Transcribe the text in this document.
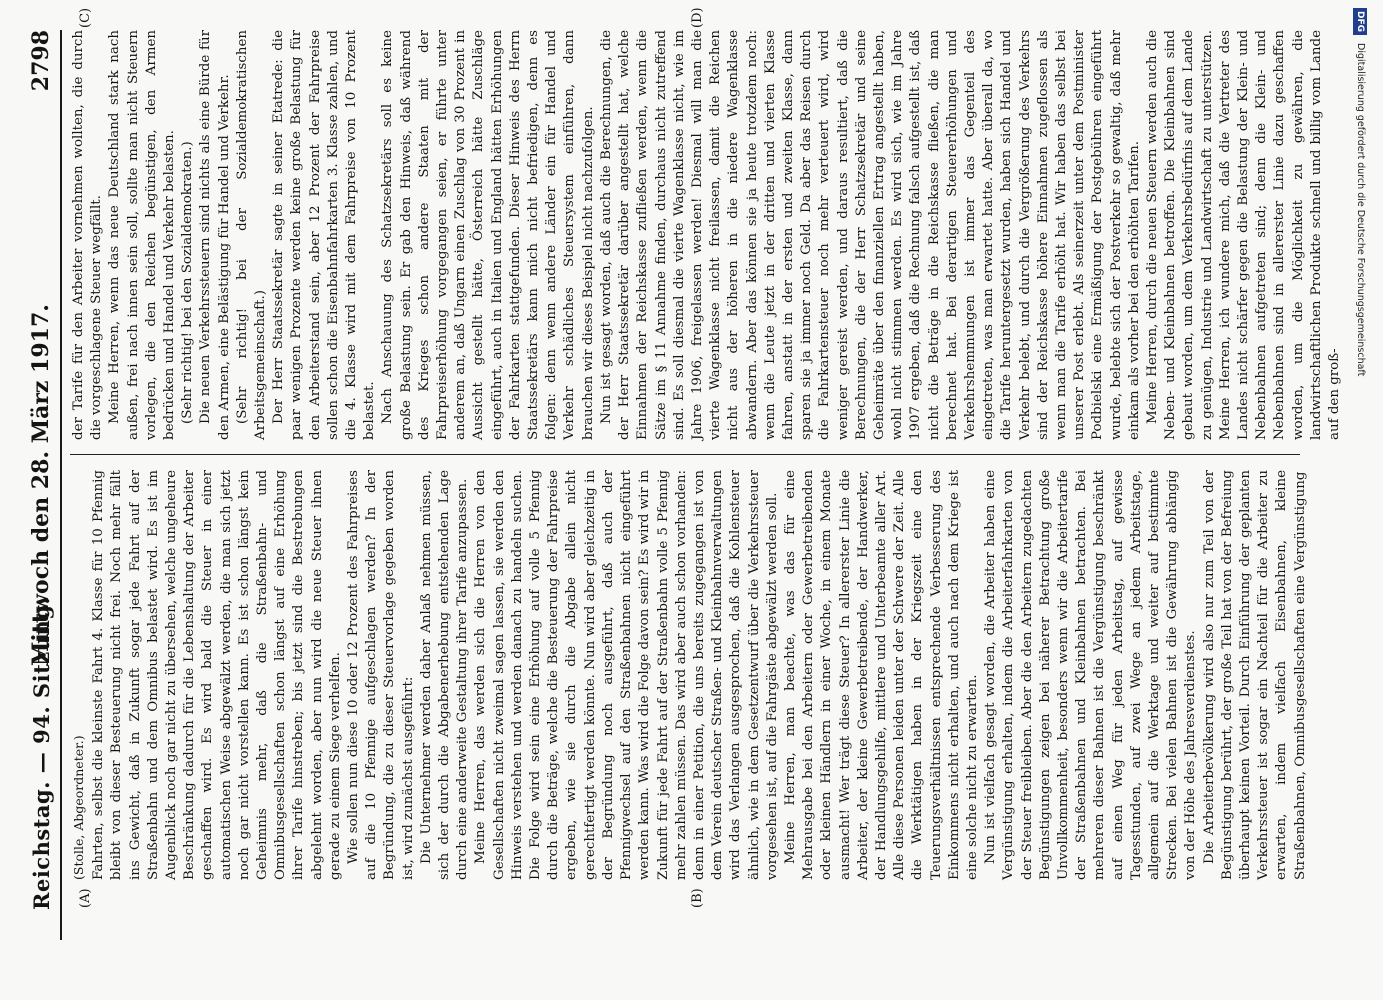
Reichstag. — 94. Sitzung.
Mittwoch den 28. März 1917.
2798
(A)	(B)
(C)	(D)
(Stolle, Abgeordneter.) Fahrten, selbst die kleinste Fahrt 4. Klasse für 10 Pfennig bleibt von dieser Besteuerung nicht frei. Noch mehr fällt ins Gewicht, daß in Zukunft sogar jede Fahrt auf der Straßenbahn und dem Omnibus belastet wird. Es ist im Augenblick noch gar nicht zu übersehen, welche ungeheure Beschränkung dadurch für die Lebenshaltung der Arbeiter geschaffen wird. Es wird bald die Steuer in einer automatischen Weise abgewälzt werden, die man sich jetzt noch gar nicht vorstellen kann. Es ist schon längst kein Geheimnis mehr, daß die Straßenbahn- und Omnibusgesellschaften schon längst auf eine Erhöhung ihrer Tarife hinstreben; bis jetzt sind die Bestrebungen abgelehnt worden, aber nun wird die neue Steuer ihnen gerade zu einem Siege verhelfen. Wie sollen nun diese 10 oder 12 Prozent des Fahrpreises auf die 10 Pfennige aufgeschlagen werden? In der Begründung, die zu dieser Steuervorlage gegeben worden ist, wird zunächst ausgeführt: Die Unternehmer werden daher Anlaß nehmen müssen, sich der durch die Abgabenerhebung entstehenden Lage durch eine anderweite Gestaltung ihrer Tarife anzupassen. Meine Herren, das werden sich die Herren von den Gesellschaften nicht zweimal sagen lassen, sie werden den Hinweis verstehen und werden danach zu handeln suchen. Die Folge wird sein eine Erhöhung auf volle 5 Pfennig durch die Beträge, welche die Besteuerung der Fahrpreise ergeben, wie sie durch die Abgabe allein nicht gerechtfertigt werden könnte. Nun wird aber gleichzeitig in der Begründung noch ausgeführt, daß auch der Pfennigwechsel auf den Straßenbahnen nicht eingeführt werden kann. Was wird die Folge davon sein? Es wird wir in Zukunft für jede Fahrt auf der Straßenbahn volle 5 Pfennig mehr zahlen müssen. Das wird aber auch schon vorhanden: denn in einer Petition, die uns bereits zugegangen ist von dem Verein deutscher Straßen- und Kleinbahnverwaltungen wird das Verlangen ausgesprochen, daß die Kohlensteuer ähnlich, wie in dem Gesetzentwurf über die Verkehrssteuer vorgesehen ist, auf die Fahrgäste abgewälzt werden soll. Meine Herren, man beachte, was das für eine Mehrausgabe bei den Arbeitern oder Gewerbetreibenden oder kleinen Händlern in einer Woche, in einem Monate ausmacht! Wer trägt diese Steuer? In allererster Linie die Arbeiter, der kleine Gewerbetreibende, der Handwerker, der Handlungsgehilfe, mittlere und Unterbeamte aller Art. Alle diese Personen leiden unter der Schwere der Zeit. Alle die Werktätigen haben in der Kriegszeit eine den Teuerungsverhältnissen entsprechende Verbesserung des Einkommens nicht erhalten, und auch nach dem Kriege ist eine solche nicht zu erwarten. Nun ist vielfach gesagt worden, die Arbeiter haben eine Vergünstigung erhalten, indem die Arbeiterfahrkarten von der Steuer freibleiben. Aber die den Arbeitern zugedachten Begünstigungen zeigen bei näherer Betrachtung große Unvollkommenheit, besonders wenn wir die Arbeitertarife der Straßenbahnen und Kleinbahnen betrachten. Bei mehreren dieser Bahnen ist die Vergünstigung beschränkt auf einen Weg für jeden Arbeitstag, auf gewisse Tagesstunden, auf zwei Wege an jedem Arbeitstage, allgemein auf die Werktage und weiter auf bestimmte Strecken. Bei vielen Bahnen ist die Gewährung abhängig von der Höhe des Jahresverdienstes. Die Arbeiterbevölkerung wird also nur zum Teil von der Begünstigung berührt, der große Teil hat von der Befreiung überhaupt keinen Vorteil. Durch Einführung der geplanten Verkehrssteuer ist sogar ein Nachteil für die Arbeiter zu erwarten, indem vielfach Eisenbahnen, kleine Straßenbahnen, Omnibusgesellschaften eine Vergünstigung

der Tarife für den Arbeiter vornehmen wollten, die durch die vorgeschlagene Steuer wegfällt. Meine Herren, wenn das neue Deutschland stark nach außen, frei nach innen sein soll, sollte man nicht Steuern vorlegen, die den Reichen begünstigen, den Armen bedrücken und Handel und Verkehr belasten. (Sehr richtig! bei den Sozialdemokraten.) Die neuen Verkehrssteuern sind nichts als eine Bürde für den Armen, eine Belästigung für Handel und Verkehr. (Sehr richtig! bei der Sozialdemokratischen Arbeitsgemeinschaft.) Der Herr Staatssekretär sagte in seiner Etatrede: die paar wenigen Prozente werden keine große Belastung für den Arbeiterstand sein, aber 12 Prozent der Fahrpreise sollen schon die Eisenbahnfahrkarten 3. Klasse zahlen, und die 4. Klasse wird mit dem Fahrpreise von 10 Prozent belastet. Nach Anschauung des Schatzsekretärs soll es keine große Belastung sein. Er gab den Hinweis, daß während des Krieges schon andere Staaten mit der Fahrpreiserhöhung vorgegangen seien, er führte unter anderem an, daß Ungarn einen Zuschlag von 30 Prozent in Aussicht gestellt hätte, Österreich hätte Zuschläge eingeführt, auch in Italien und England hätten Erhöhungen der Fahrkarten stattgefunden. Dieser Hinweis des Herrn Staatssekretärs kann mich nicht befriedigen, denn es folgen: denn wenn andere Länder ein für Handel und Verkehr schädliches Steuersystem einführen, dann brauchen wir dieses Beispiel nicht nachzufolgen. Nun ist gesagt worden, daß auch die Berechnungen, die der Herr Staatssekretär darüber angestellt hat, welche Einnahmen der Reichskasse zufließen werden, wenn die Sätze im § 11 Annahme finden, durchaus nicht zutreffend sind. Es soll diesmal die vierte Wagenklasse nicht, wie im Jahre 1906, freigelassen werden! Diesmal will man die vierte Wagenklasse nicht freilassen, damit die Reichen nicht aus der höheren in die niedere Wagenklasse abwandern. Aber das können sie ja heute trotzdem noch: wenn die Leute jetzt in der dritten und vierten Klasse fahren, anstatt in der ersten und zweiten Klasse, dann sparen sie ja immer noch Geld. Da aber das Reisen durch die Fahrkartensteuer noch mehr verteuert wird, wird weniger gereist werden, und daraus resultiert, daß die Berechnungen, die der Herr Schatzsekretär und seine Geheimräte über den finanziellen Ertrag angestellt haben, wohl nicht stimmen werden. Es wird sich, wie im Jahre 1907 ergeben, daß die Rechnung falsch aufgestellt ist, daß nicht die Beträge in die Reichskasse fließen, die man berechnet hat. Bei derartigen Steuererhöhungen und Verkehrshemmungen ist immer das Gegenteil des eingetreten, was man erwartet hatte. Aber überall da, wo die Tarife heruntergesetzt wurden, haben sich Handel und Verkehr belebt, und durch die Vergrößerung des Verkehrs sind der Reichskasse höhere Einnahmen zugeflossen als wenn man die Tarife erhöht hat. Wir haben das selbst bei unserer Post erlebt. Als seinerzeit unter dem Postminister Podbielski eine Ermäßigung der Postgebühren eingeführt wurde, belebte sich der Postverkehr so gewaltig, daß mehr einkam als vorher bei den erhöhten Tarifen. Meine Herren, durch die neuen Steuern werden auch die Neben- und Kleinbahnen betroffen. Die Kleinbahnen sind gebaut worden, um dem Verkehrsbedürfnis auf dem Lande zu genügen, Industrie und Landwirtschaft zu unterstützen. Meine Herren, ich wundere mich, daß die Vertreter des Landes nicht schärfer gegen die Belastung der Klein- und Nebenbahnen aufgetreten sind; denn die Klein- und Nebenbahnen sind in allererster Linie dazu geschaffen worden, um die Möglichkeit zu gewähren, die landwirtschaftlichen Produkte schnell und billig vom Lande auf den groß-

DFGDigitalisierung gefördert durch die Deutsche Forschungsgemeinschaft
